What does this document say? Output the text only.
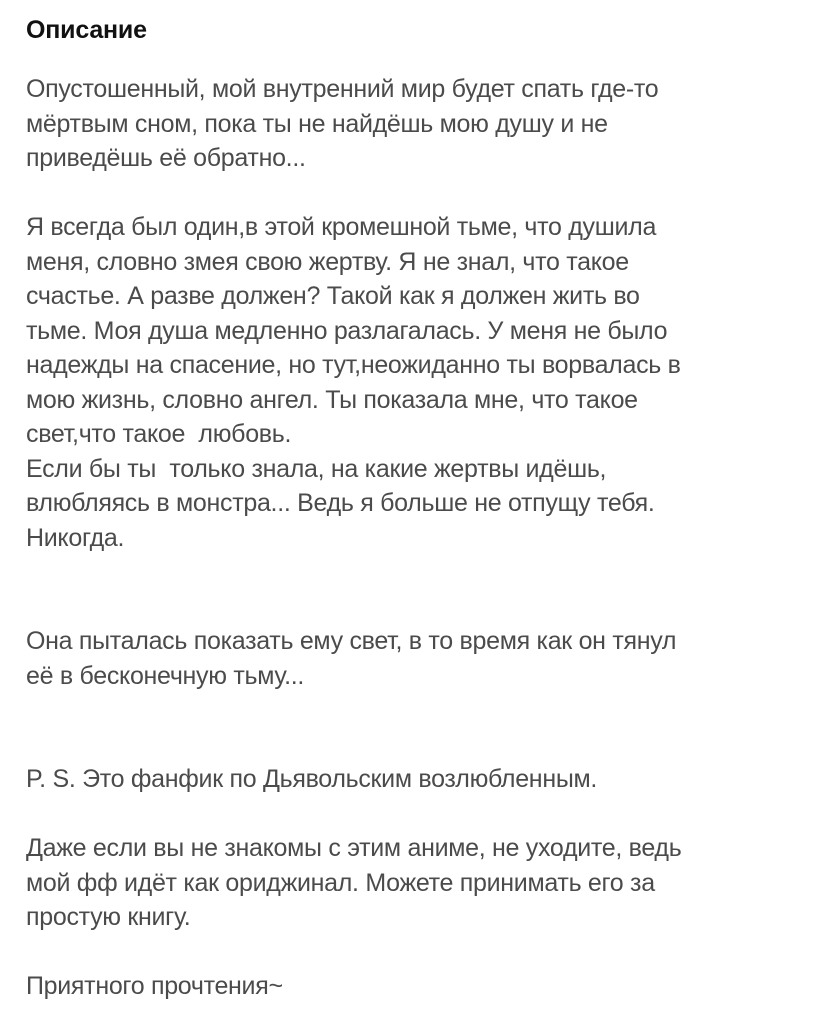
Описание
Опустошенный, мой внутренний мир будет спать где-то
мёртвым сном, пока ты не найдёшь мою душу и не
приведёшь её обратно...
Я всегда был один,в этой кромешной тьме, что душила
меня, словно змея свою жертву. Я не знал, что такое
счастье. А разве должен? Такой как я должен жить во
тьме. Моя душа медленно разлагалась. У меня не было
надежды на спасение, но тут,неожиданно ты ворвалась в
мою жизнь, словно ангел. Ты показала мне, что такое
свет,что такое  любовь.
Если бы ты  только знала, на какие жертвы идёшь,
влюбляясь в монстра... Ведь я больше не отпущу тебя.
Никогда.
Она пыталась показать ему свет, в то время как он тянул
её в бесконечную тьму...
P. S. Это фанфик по Дьявольским возлюбленным.
Даже если вы не знакомы с этим аниме, не уходите, ведь
мой фф идёт как ориджинал. Можете принимать его за
простую книгу.
Приятного прочтения~
